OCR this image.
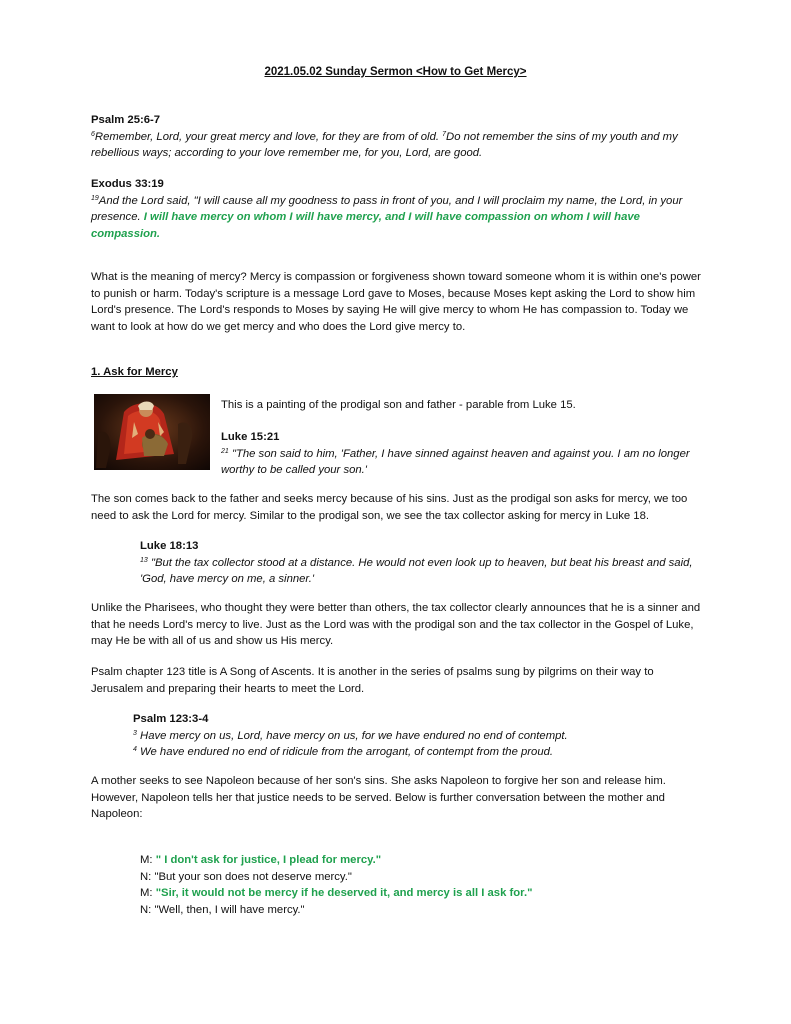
2021.05.02 Sunday Sermon <How to Get Mercy>
Psalm 25:6-7
$^6$Remember, Lord, your great mercy and love, for they are from of old. $^7$Do not remember the sins of my youth and my rebellious ways; according to your love remember me, for you, Lord, are good.
Exodus 33:19
$^{19}$And the Lord said, "I will cause all my goodness to pass in front of you, and I will proclaim my name, the Lord, in your presence. I will have mercy on whom I will have mercy, and I will have compassion on whom I will have compassion.
What is the meaning of mercy? Mercy is compassion or forgiveness shown toward someone whom it is within one's power to punish or harm. Today's scripture is a message Lord gave to Moses, because Moses kept asking the Lord to show him Lord's presence. The Lord's responds to Moses by saying He will give mercy to whom He has compassion to. Today we want to look at how do we get mercy and who does the Lord give mercy to.
1. Ask for Mercy
This is a painting of the prodigal son and father - parable from Luke 15.
Luke 15:21
$^{21}$ "The son said to him, 'Father, I have sinned against heaven and against you. I am no longer worthy to be called your son.'
The son comes back to the father and seeks mercy because of his sins. Just as the prodigal son asks for mercy, we too need to ask the Lord for mercy. Similar to the prodigal son, we see the tax collector asking for mercy in Luke 18.
Luke 18:13
$^{13}$ "But the tax collector stood at a distance. He would not even look up to heaven, but beat his breast and said, 'God, have mercy on me, a sinner.'
Unlike the Pharisees, who thought they were better than others, the tax collector clearly announces that he is a sinner and that he needs Lord's mercy to live. Just as the Lord was with the prodigal son and the tax collector in the Gospel of Luke, may He be with all of us and show us His mercy.
Psalm chapter 123 title is A Song of Ascents. It is another in the series of psalms sung by pilgrims on their way to Jerusalem and preparing their hearts to meet the Lord.
Psalm 123:3-4
$^3$ Have mercy on us, Lord, have mercy on us, for we have endured no end of contempt.
$^4$ We have endured no end of ridicule from the arrogant, of contempt from the proud.
A mother seeks to see Napoleon because of her son's sins. She asks Napoleon to forgive her son and release him. However, Napoleon tells her that justice needs to be served. Below is further conversation between the mother and Napoleon:
M: " I don't ask for justice, I plead for mercy."
N: "But your son does not deserve mercy."
M: "Sir, it would not be mercy if he deserved it, and mercy is all I ask for."
N: "Well, then, I will have mercy."
